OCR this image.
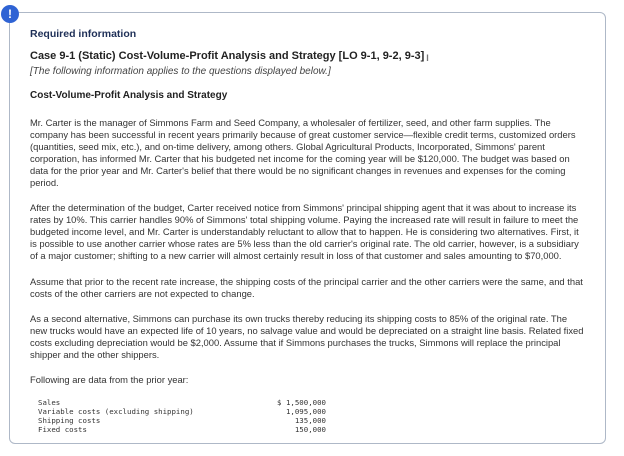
!

Required information

Case 9-1 (Static) Cost-Volume-Profit Analysis and Strategy [LO 9-1, 9-2, 9-3] I

[The following information applies to the questions displayed below.]

Cost-Volume-Profit Analysis and Strategy

Mr. Carter is the manager of Simmons Farm and Seed Company, a wholesaler of fertilizer, seed, and other farm supplies. The company has been successful in recent years primarily because of great customer service—flexible credit terms, customized orders (quantities, seed mix, etc.), and on-time delivery, among others. Global Agricultural Products, Incorporated, Simmons' parent corporation, has informed Mr. Carter that his budgeted net income for the coming year will be $120,000. The budget was based on data for the prior year and Mr. Carter's belief that there would be no significant changes in revenues and expenses for the coming period.

After the determination of the budget, Carter received notice from Simmons' principal shipping agent that it was about to increase its rates by 10%. This carrier handles 90% of Simmons' total shipping volume. Paying the increased rate will result in failure to meet the budgeted income level, and Mr. Carter is understandably reluctant to allow that to happen. He is considering two alternatives. First, it is possible to use another carrier whose rates are 5% less than the old carrier's original rate. The old carrier, however, is a subsidiary of a major customer; shifting to a new carrier will almost certainly result in loss of that customer and sales amounting to $70,000.

Assume that prior to the recent rate increase, the shipping costs of the principal carrier and the other carriers were the same, and that costs of the other carriers are not expected to change.

As a second alternative, Simmons can purchase its own trucks thereby reducing its shipping costs to 85% of the original rate. The new trucks would have an expected life of 10 years, no salvage value and would be depreciated on a straight line basis. Related fixed costs excluding depreciation would be $2,000. Assume that if Simmons purchases the trucks, Simmons will replace the principal shipper and the other shippers.

Following are data from the prior year:

Sales	$ 1,500,000
Variable costs (excluding shipping)	1,095,000
Shipping costs	135,000
Fixed costs	150,000
